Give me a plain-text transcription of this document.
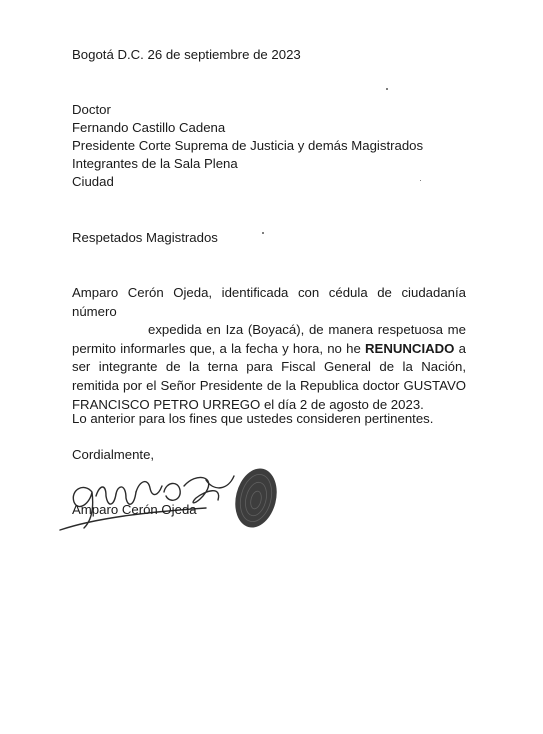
Bogotá D.C. 26 de septiembre de 2023
Doctor
Fernando Castillo Cadena
Presidente Corte Suprema de Justicia y demás Magistrados
Integrantes de la Sala Plena
Ciudad
Respetados Magistrados
Amparo Cerón Ojeda, identificada con cédula de ciudadanía número
expedida en Iza (Boyacá), de manera respetuosa me permito informarles que, a la fecha y hora, no he RENUNCIADO a ser integrante de la terna para Fiscal General de la Nación, remitida por el Señor Presidente de la Republica doctor GUSTAVO FRANCISCO PETRO URREGO el día 2 de agosto de 2023.
Lo anterior para los fines que ustedes consideren pertinentes.
Cordialmente,
Amparo Cerón Ojeda
